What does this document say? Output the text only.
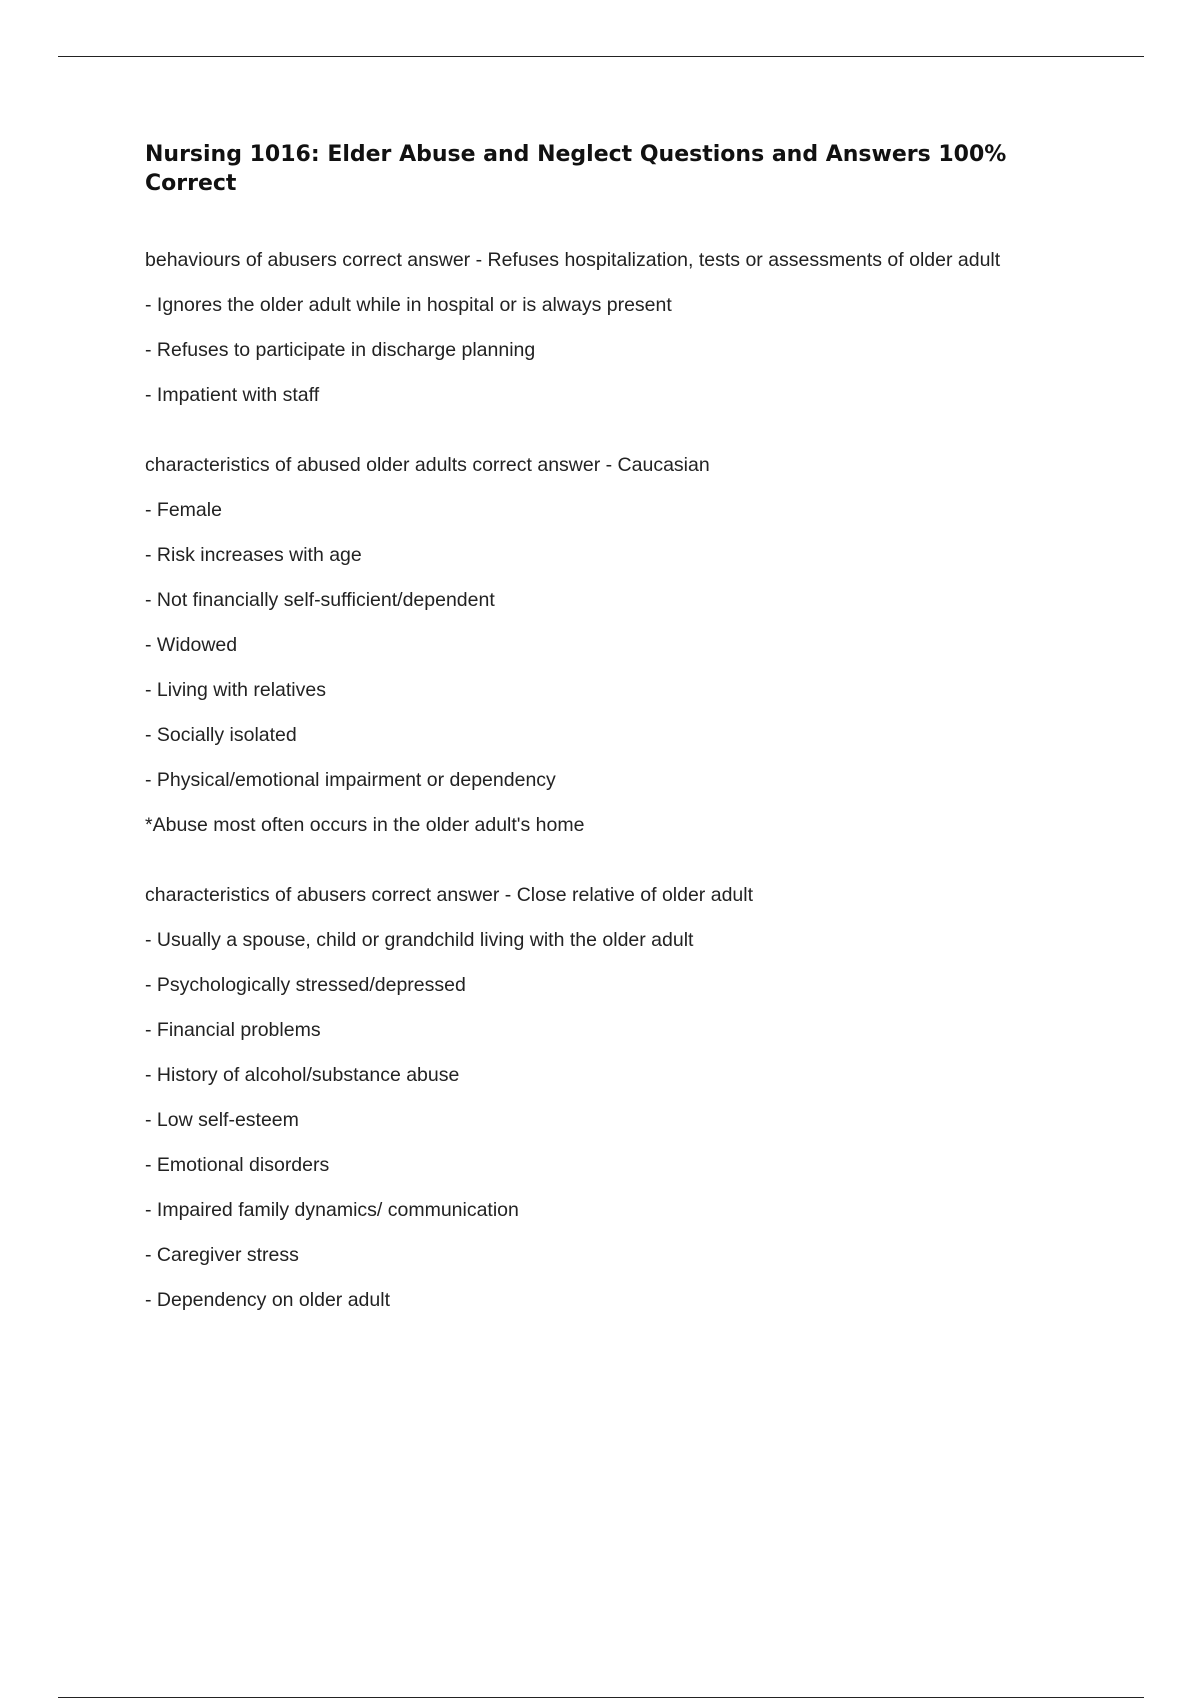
Nursing 1016: Elder Abuse and Neglect Questions and Answers 100% Correct

behaviours of abusers correct answer - Refuses hospitalization, tests or assessments of older adult

- Ignores the older adult while in hospital or is always present

- Refuses to participate in discharge planning

- Impatient with staff

characteristics of abused older adults correct answer - Caucasian

- Female

- Risk increases with age

- Not financially self-sufficient/dependent

- Widowed

- Living with relatives

- Socially isolated

- Physical/emotional impairment or dependency

*Abuse most often occurs in the older adult's home

characteristics of abusers correct answer - Close relative of older adult

- Usually a spouse, child or grandchild living with the older adult

- Psychologically stressed/depressed

- Financial problems

- History of alcohol/substance abuse

- Low self-esteem

- Emotional disorders

- Impaired family dynamics/ communication

- Caregiver stress

- Dependency on older adult
